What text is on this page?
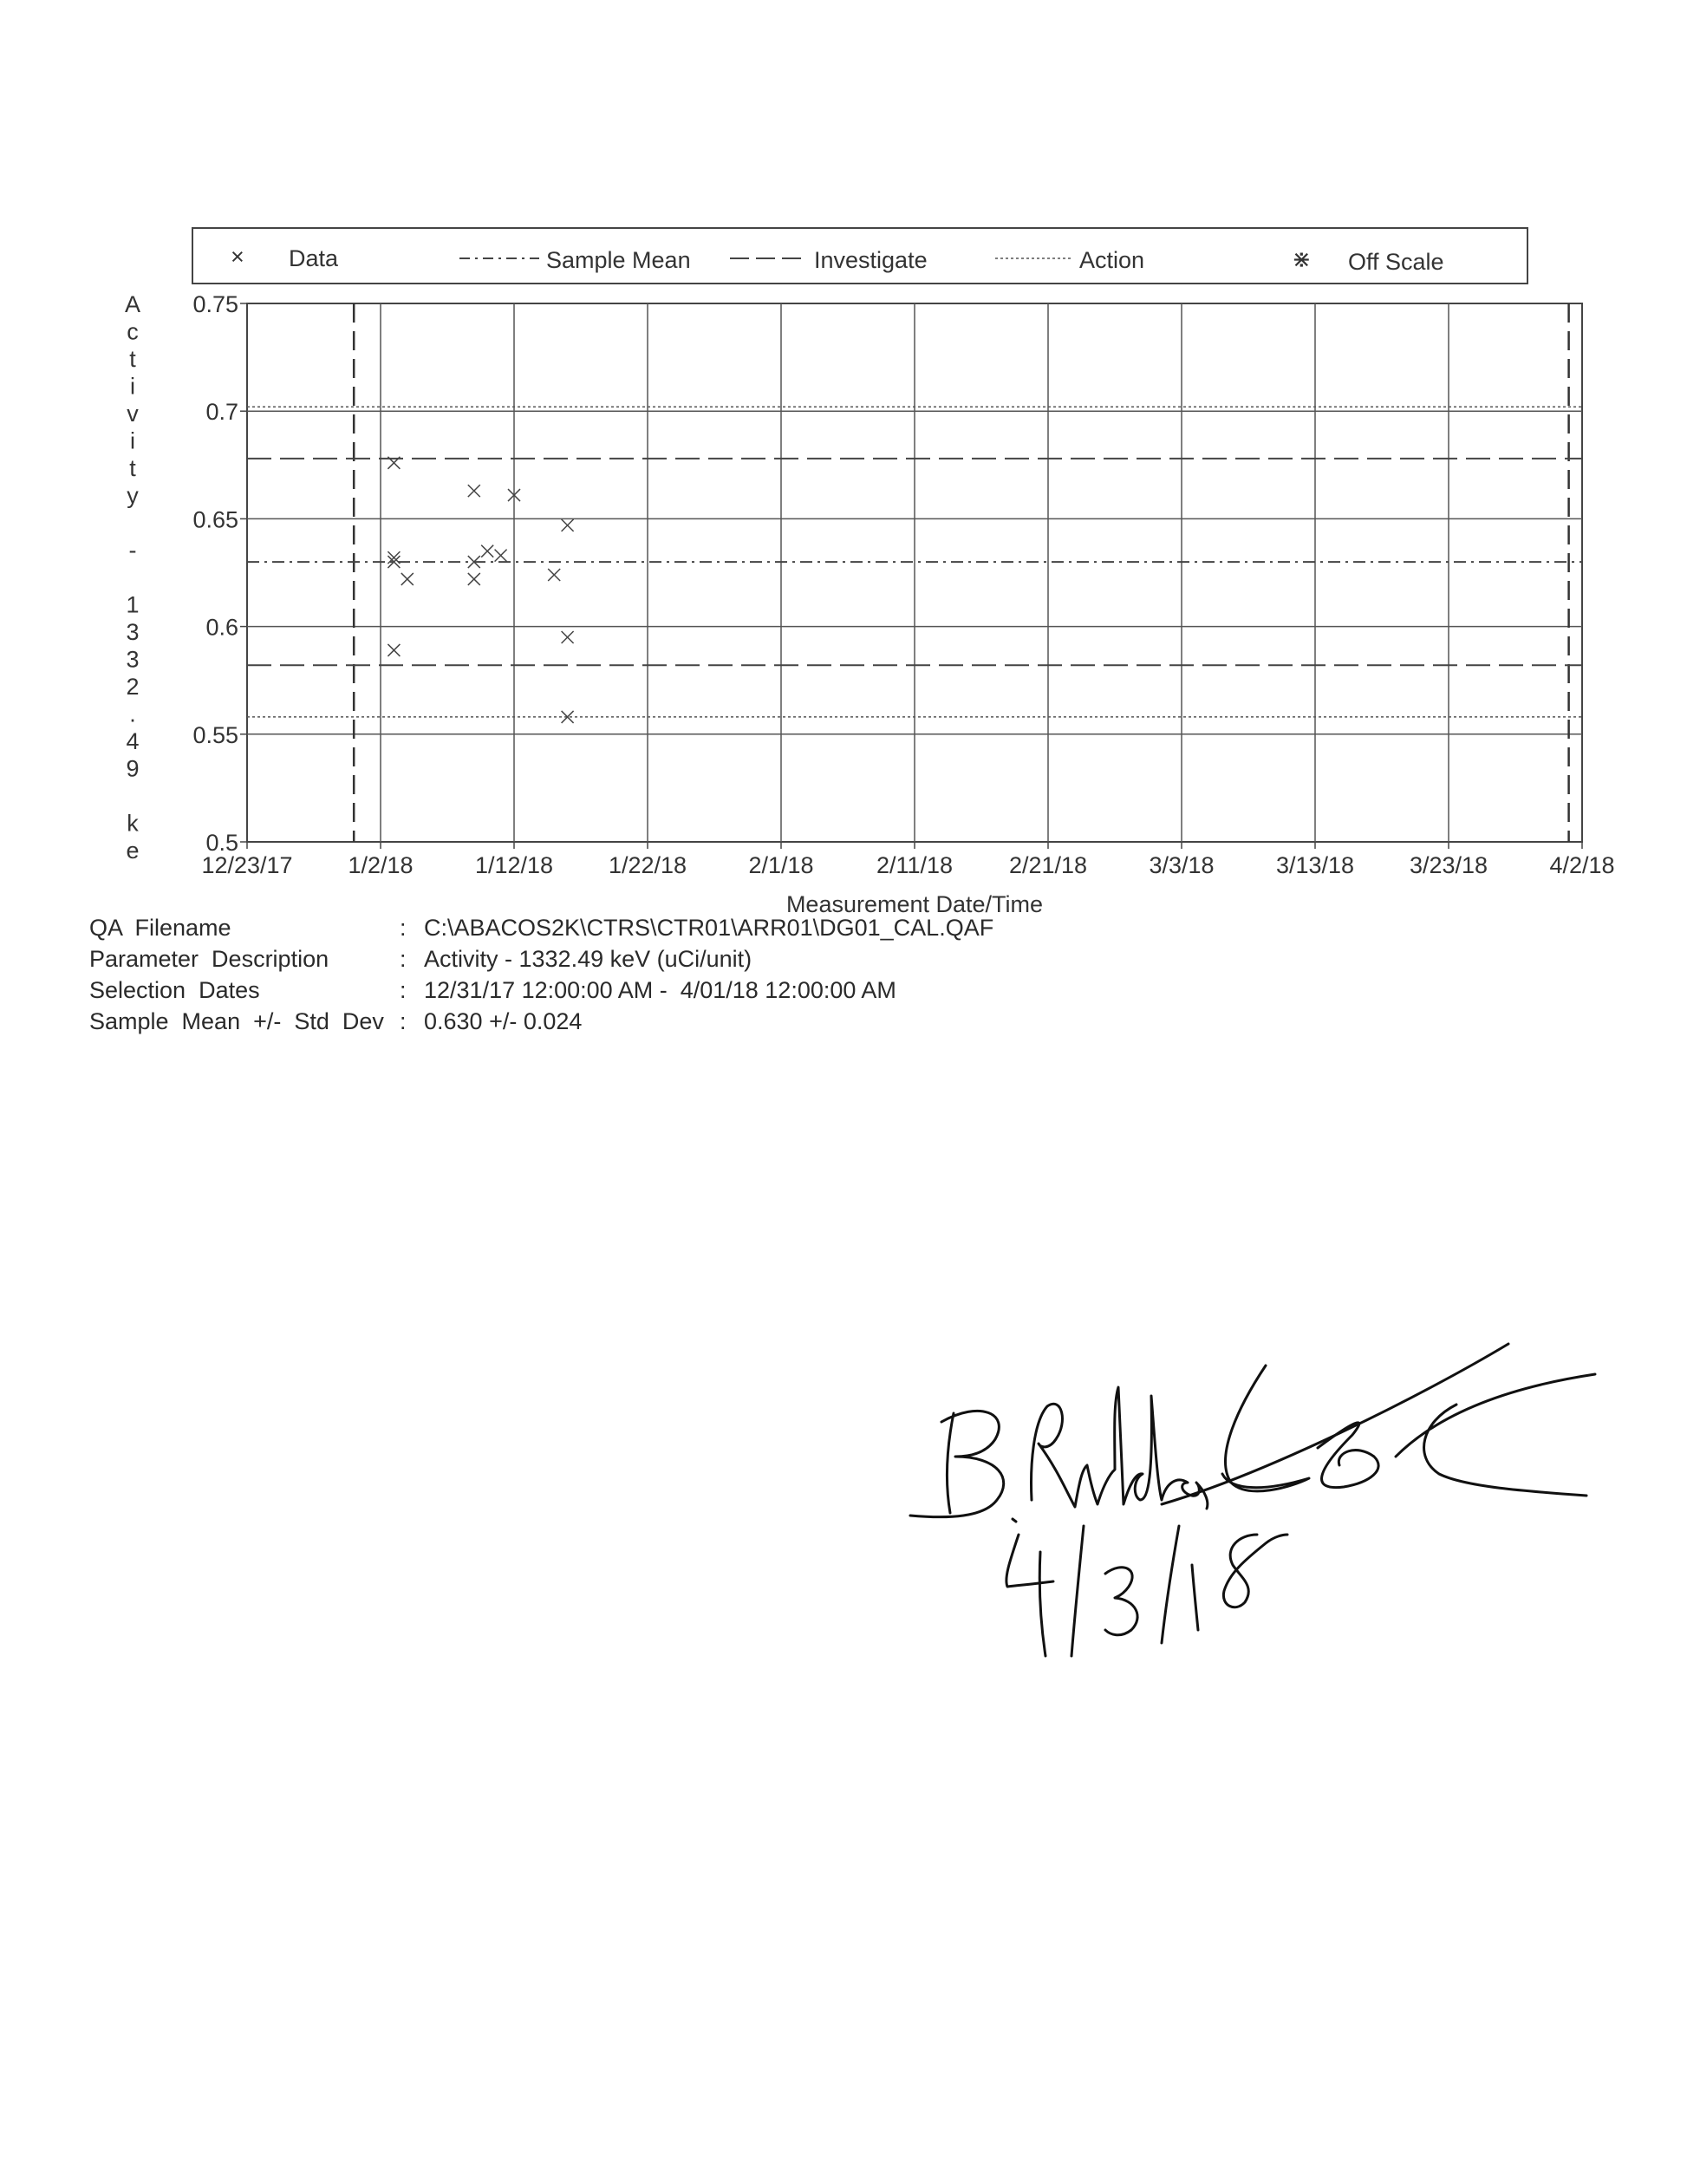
× Data	Sample Mean	Investigate	Action	⋇ Off Scale
12/23/17 1/2/18	1/12/18 1/22/18	2/1/18	2/11/18 2/21/18	3/3/18	3/13/18 3/23/18	4/2/18
0.75
0.7
0.65
0.6
0.55
0.5
A
c
t
i
v
i
t
y
-
1
3
3
2
.
4
9
k
e
Measurement Date/Time
QA  Filename	: C:\ABACOS2K\CTRS\CTR01\ARR01\DG01_CAL.QAF
Parameter  Description	: Activity - 1332.49 keV (uCi/unit)
Selection  Dates	: 12/31/17 12:00:00 AM -  4/01/18 12:00:00 AM
Sample  Mean  +/-  Std  Dev : 0.630 +/- 0.024
